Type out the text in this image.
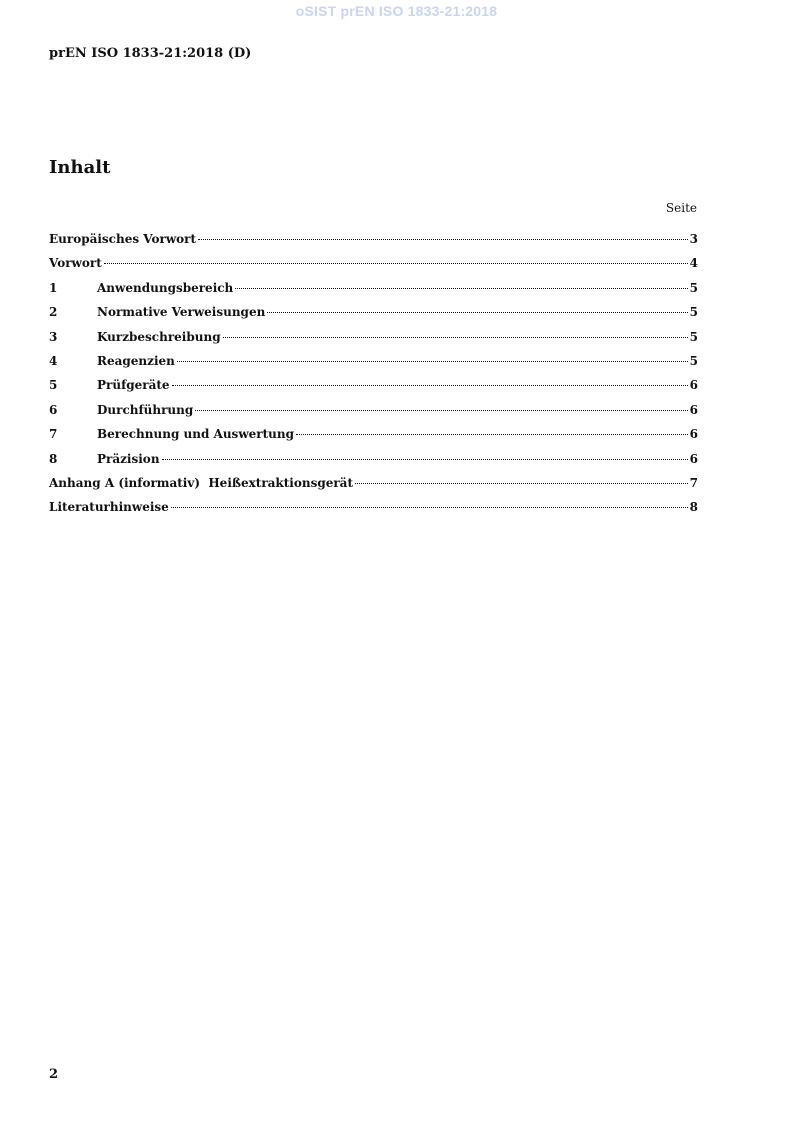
oSIST prEN ISO 1833-21:2018
prEN ISO 1833-21:2018 (D)
Inhalt
Seite
Europäisches Vorwort	3
Vorwort	4
1	Anwendungsbereich	5
2	Normative Verweisungen	5
3	Kurzbeschreibung	5
4	Reagenzien	5
5	Prüfgeräte	6
6	Durchführung	6
7	Berechnung und Auswertung	6
8	Präzision	6
Anhang A (informativ)  Heißextraktionsgerät	7
Literaturhinweise	8
2
